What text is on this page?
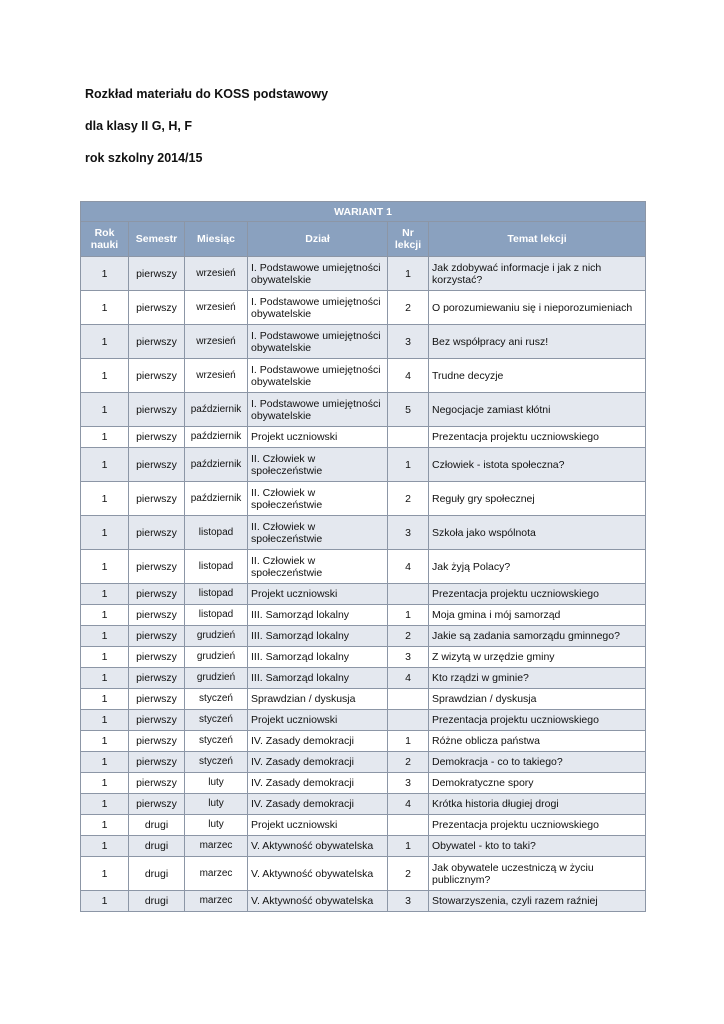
Rozkład materiału do KOSS podstawowy
dla klasy II G, H, F
rok szkolny 2014/15
WARIANT 1					
Rok nauki	Semestr	Miesiąc	Dział	Nr lekcji	Temat lekcji
1	pierwszy	wrzesień	I. Podstawowe umiejętności obywatelskie	1	Jak zdobywać informacje i jak z nich korzystać?
1	pierwszy	wrzesień	I. Podstawowe umiejętności obywatelskie	2	O porozumiewaniu się i nieporozumieniach
1	pierwszy	wrzesień	I. Podstawowe umiejętności obywatelskie	3	Bez współpracy ani rusz!
1	pierwszy	wrzesień	I. Podstawowe umiejętności obywatelskie	4	Trudne decyzje
1	pierwszy	październik	I. Podstawowe umiejętności obywatelskie	5	Negocjacje zamiast kłótni
1	pierwszy	październik	Projekt uczniowski		Prezentacja projektu uczniowskiego
1	pierwszy	październik	II. Człowiek w społeczeństwie	1	Człowiek - istota społeczna?
1	pierwszy	październik	II. Człowiek w społeczeństwie	2	Reguły gry społecznej
1	pierwszy	listopad	II. Człowiek w społeczeństwie	3	Szkoła jako wspólnota
1	pierwszy	listopad	II. Człowiek w społeczeństwie	4	Jak żyją Polacy?
1	pierwszy	listopad	Projekt uczniowski		Prezentacja projektu uczniowskiego
1	pierwszy	listopad	III. Samorząd lokalny	1	Moja gmina i mój samorząd
1	pierwszy	grudzień	III. Samorząd lokalny	2	Jakie są zadania samorządu gminnego?
1	pierwszy	grudzień	III. Samorząd lokalny	3	Z wizytą w urzędzie gminy
1	pierwszy	grudzień	III. Samorząd lokalny	4	Kto rządzi w gminie?
1	pierwszy	styczeń	Sprawdzian / dyskusja		Sprawdzian / dyskusja
1	pierwszy	styczeń	Projekt uczniowski		Prezentacja projektu uczniowskiego
1	pierwszy	styczeń	IV. Zasady demokracji	1	Różne oblicza państwa
1	pierwszy	styczeń	IV. Zasady demokracji	2	Demokracja - co to takiego?
1	pierwszy	luty	IV. Zasady demokracji	3	Demokratyczne spory
1	pierwszy	luty	IV. Zasady demokracji	4	Krótka historia długiej drogi
1	drugi	luty	Projekt uczniowski		Prezentacja projektu uczniowskiego
1	drugi	marzec	V. Aktywność obywatelska	1	Obywatel - kto to taki?
1	drugi	marzec	V. Aktywność obywatelska	2	Jak obywatele uczestniczą w życiu publicznym?
1	drugi	marzec	V. Aktywność obywatelska	3	Stowarzyszenia, czyli razem raźniej
